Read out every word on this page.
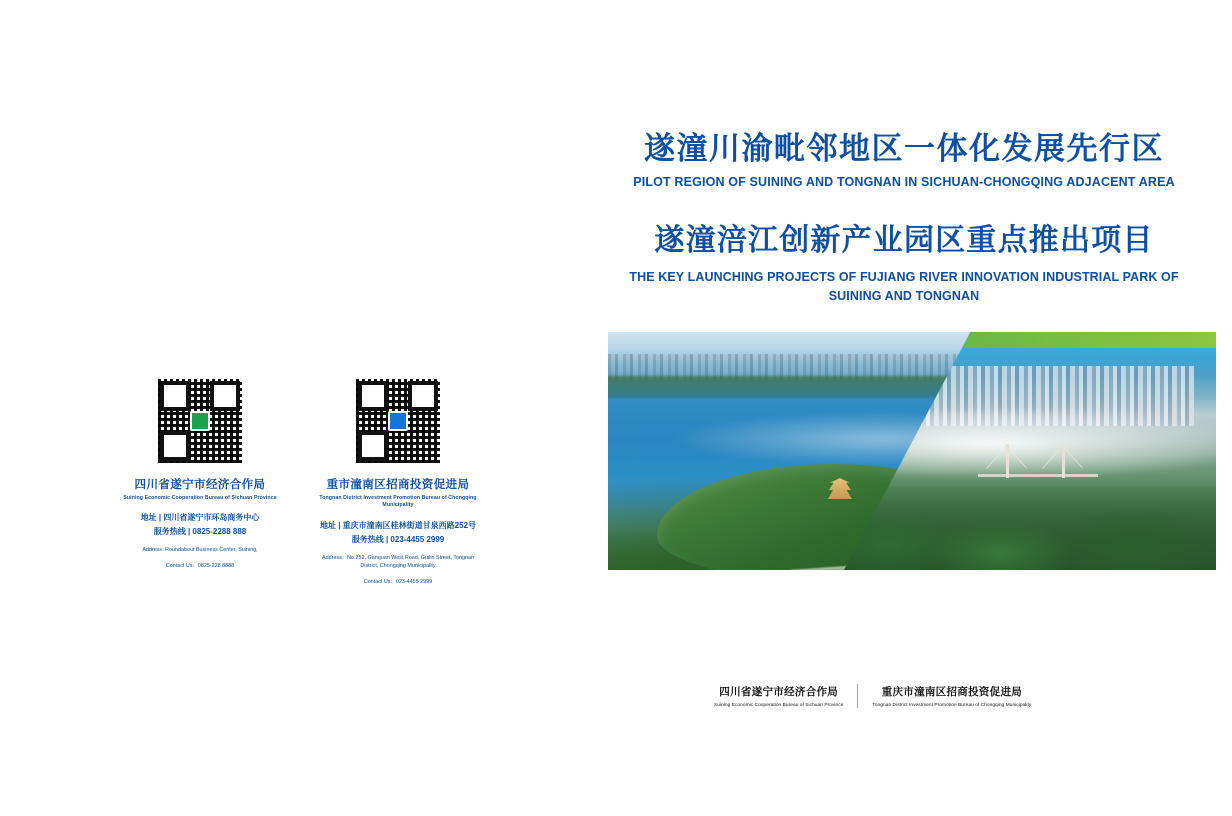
遂潼川渝毗邻地区一体化发展先行区
PILOT REGION OF SUINING AND TONGNAN IN SICHUAN-CHONGQING ADJACENT AREA
遂潼涪江创新产业园区重点推出项目
THE KEY LAUNCHING PROJECTS OF FUJIANG RIVER INNOVATION INDUSTRIAL PARK OF SUINING AND TONGNAN
四川省遂宁市经济合作局
Suining Economic Cooperation Bureau of Sichuan Province
地址 | 四川省遂宁市环岛商务中心
服务热线 | 0825-2288 888
Address: Roundabout Business Center, Suining,
Contact Us：0825-228 8888
重市潼南区招商投资促进局
Tongnan District Investment Promotion Bureau of Chongqing Municipality
地址 | 重庆市潼南区桂林街道甘泉西路252号
服务热线 | 023-4455 2999
Address：No.252, Ganquan West Road, Guilin Street, Tongnan District, Chongqing Municipality
Contact Us：023-4455 2999
四川省遂宁市经济合作局
Suining Economic Cooperation Bureau of Sichuan Province
重庆市潼南区招商投资促进局
Tongnan District Investment Promotion Bureau of Chongqing Municipality
